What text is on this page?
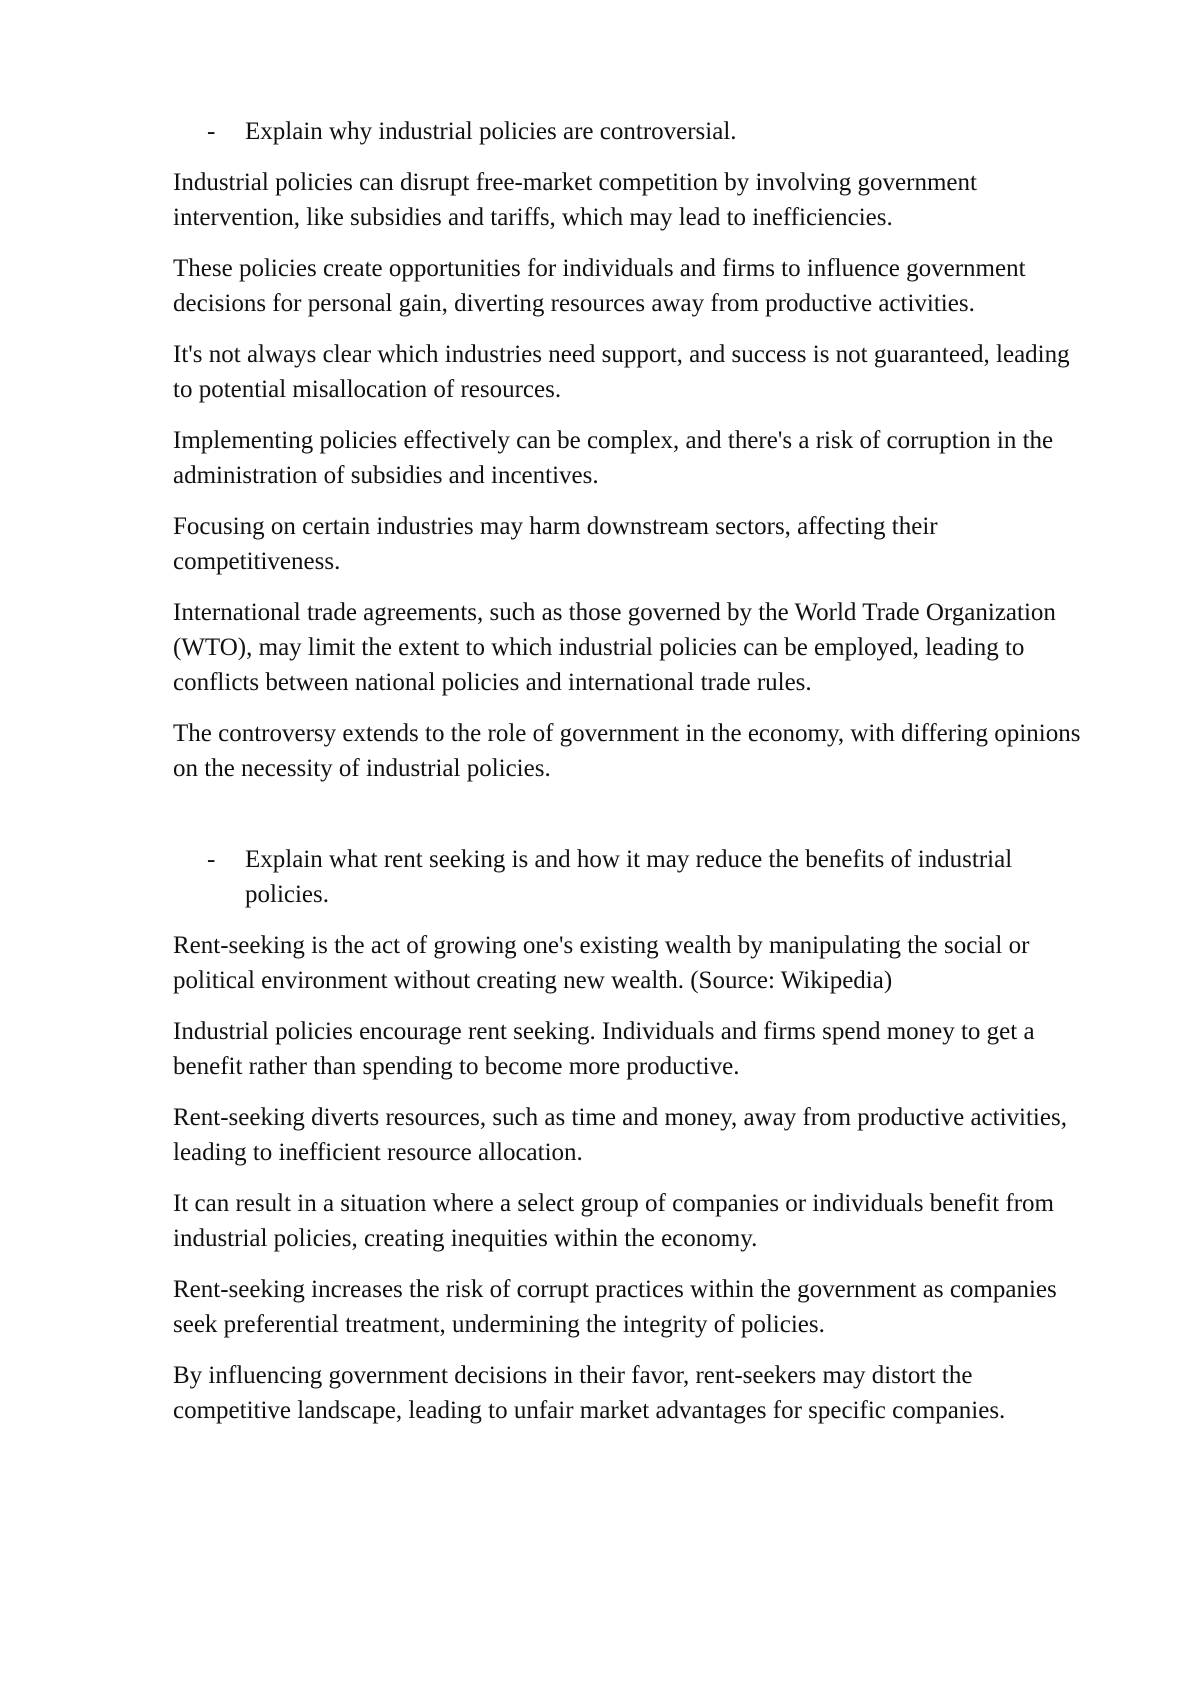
- Explain why industrial policies are controversial.

Industrial policies can disrupt free-market competition by involving government intervention, like subsidies and tariffs, which may lead to inefficiencies.

These policies create opportunities for individuals and firms to influence government decisions for personal gain, diverting resources away from productive activities.

It's not always clear which industries need support, and success is not guaranteed, leading to potential misallocation of resources.

Implementing policies effectively can be complex, and there's a risk of corruption in the administration of subsidies and incentives.

Focusing on certain industries may harm downstream sectors, affecting their competitiveness.

International trade agreements, such as those governed by the World Trade Organization (WTO), may limit the extent to which industrial policies can be employed, leading to conflicts between national policies and international trade rules.

The controversy extends to the role of government in the economy, with differing opinions on the necessity of industrial policies.

- Explain what rent seeking is and how it may reduce the benefits of industrial policies.

Rent-seeking is the act of growing one's existing wealth by manipulating the social or political environment without creating new wealth. (Source: Wikipedia)

Industrial policies encourage rent seeking. Individuals and firms spend money to get a benefit rather than spending to become more productive.

Rent-seeking diverts resources, such as time and money, away from productive activities, leading to inefficient resource allocation.

It can result in a situation where a select group of companies or individuals benefit from industrial policies, creating inequities within the economy.

Rent-seeking increases the risk of corrupt practices within the government as companies seek preferential treatment, undermining the integrity of policies.

By influencing government decisions in their favor, rent-seekers may distort the competitive landscape, leading to unfair market advantages for specific companies.
